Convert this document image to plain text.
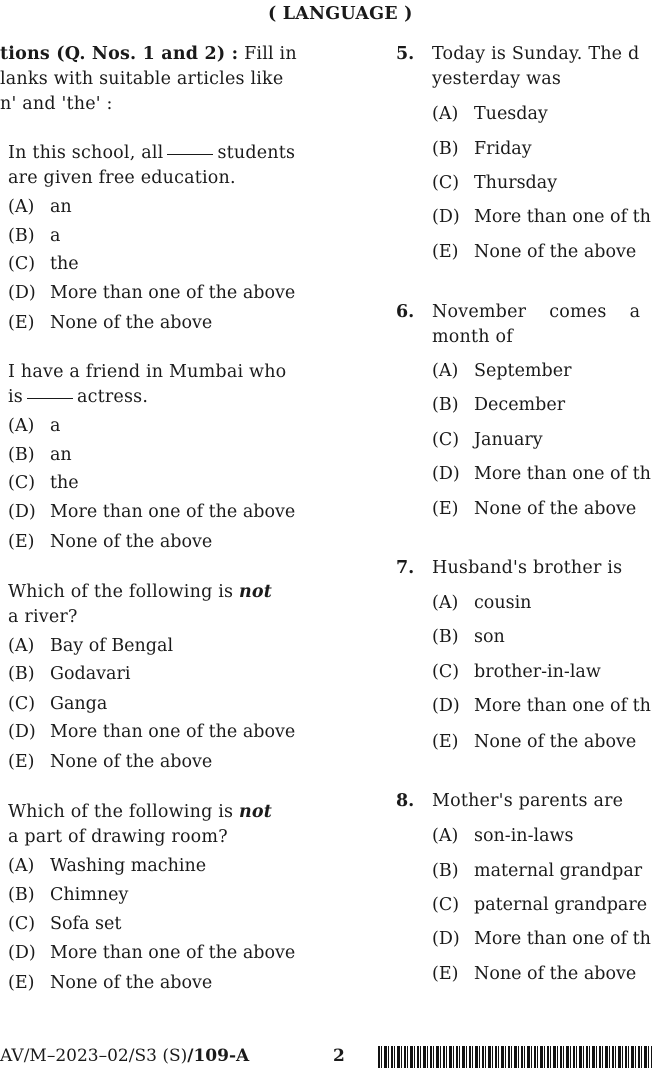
( LANGUAGE )
tions (Q. Nos. 1 and 2) : Fill in
lanks with suitable articles like
n' and 'the' :
In this school, all	students
are given free education.
(A) an
(B) a
(C) the
(D) More than one of the above
(E) None of the above
I have a friend in Mumbai who
is	actress.
(A) a
(B) an
(C) the
(D) More than one of the above
(E) None of the above
Which of the following is not
a river?
(A) Bay of Bengal
(B) Godavari
(C) Ganga
(D) More than one of the above
(E) None of the above
Which of the following is not
a part of drawing room?
(A) Washing machine
(B) Chimney
(C) Sofa set
(D) More than one of the above
(E) None of the above
5. Today is Sunday. The d
yesterday was
(A) Tuesday
(B) Friday
(C) Thursday
(D) More than one of th
(E) None of the above
6. November    comes    a
month of
(A) September
(B) December
(C) January
(D) More than one of th
(E) None of the above
7. Husband's brother is
(A) cousin
(B) son
(C) brother-in-law
(D) More than one of th
(E) None of the above
8. Mother's parents are
(A) son-in-laws
(B) maternal grandpar
(C) paternal grandpare
(D) More than one of th
(E) None of the above
AV/M–2023–02/S3 (S)/109-A	2
